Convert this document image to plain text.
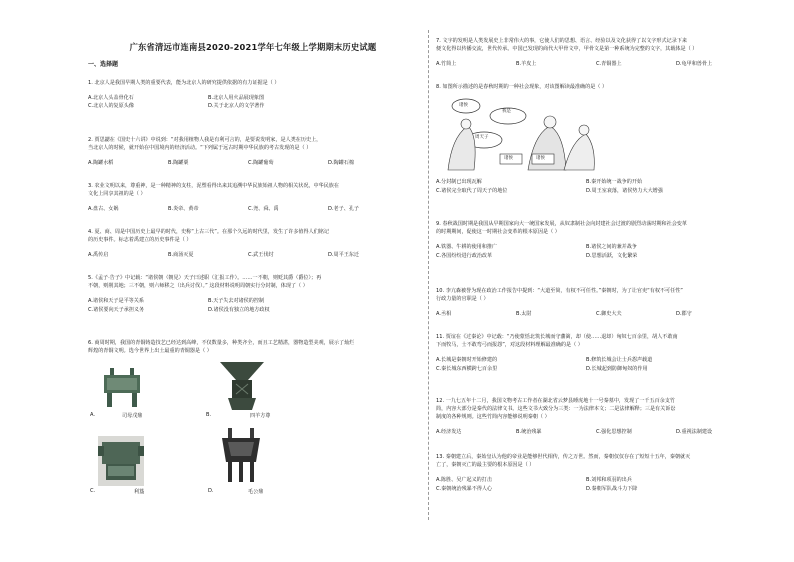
广东省清远市连南县2020-2021学年七年级上学期期末历史试题
一、选择题
1. 北京人是我国早期人类的重要代表，能为北京人的研究提供依据的有力证据是（ ）
A.北京人头盖骨化石	B.北京人用火品展现象图
C.北京人的复原头像	D.关于北京人的文学著作
2. 贾思勰在《国史十六讲》中说到：“对我用植物人我是有利可言的，是要说发明家，是人类在历史上，
当北京人的时候，就开始在中国境内的经济活动。“下列属于远古时期中华民族的考古发现的是（ ）
A.陶罐水稻	B.陶罐粟	C.陶罐葡萄	D.陶罐石棉
3. 农业文明以来，尊重神，是一种精神的支柱，泥塑看得出来其追溯中华民族始祖人物的相关状况，中华民族在
文化上同享其祖的是（ ）
A.盘古、女娲	B.炎帝、黄帝	C.尧、舜、禹	D.老子、孔子
4. 夏、商、周是中国历史上最早的时代，史称“上古三代”。在那个久远的时代里，发生了许多值得人们铭记
的历史事件。标志着禹建立的历史事件是（ ）
A.禹传启	B.商汤灭夏	C.武王伐纣	D.周平王东迁
5.《孟子·告子》中记载：“诸侯朝（朝见）天子曰述职（汇报工作）。……一不朝，则贬其爵（爵位）；再
不朝，则削其地；三不朝，则六师移之（出兵讨伐）。” 这段材料说明周朝实行分封制，体现了（ ）
A.诸侯和天子是平等关系	B.天子失去对诸侯的控制
C.诸侯要向天子承担义务	D.诸侯没有独立的地方政权
6. 商周时期，我国的青铜铸造技艺已经达到高峰，不仅数量多，种类齐全，而且工艺精湛，器物造型美观，展示了灿烂
辉煌的青铜文明。选今世界上出土最重的青铜器是（ ）
A.	司母戊鼎	B.	四羊方尊
C.	利簋	D.	毛公鼎
7. 文字的发明是人类发展史上非常伟大的事，它使人们的思想、语言、经验以及文化获得了以文字形式记录下来
便文化得以传播交流，世代传承。中国已发现的商代大甲骨文中，甲骨文是第一种系统为完整的文字，其载体是（ ）
A.竹简上	B.羊皮上	C.青铜器上	D.龟甲和兽骨上
8. 如图所示描述的是春秋时期的一种社会现象，对该图解读最准确的是（ ）
诸侯
我是
周天子
诸侯	诸侯
A.分封制已出现瓦解	B.秦开始统一战争的开始
C.诸侯完全取代了周天子的地位	D.周王室衰落，诸侯势力大大增强
9. 春秋战国时期是我国从早期国家向大一统国家发展，从奴隶制社会向封建社会过渡的剧烈动荡时期和社会变革
的时期期间，促使这一时期社会变革的根本原因是（ ）
A.铁器、牛耕的使用和推广	B.诸侯之间的兼并战争
C.各国纷纷进行政治改革	D.思想活跃，文化繁荣
10. 李亢森被誉为现在政治工作报告中提到：“大道至简，有权不可任性。”秦朝时，为了让官吏“有权不可任性”
行政力量的官职是（ ）
A.丞相	B.太尉	C.御史大夫	D.郡守
11. 贾谊在《过秦论》中记载：“乃使蒙恬北筑长城而守藩篱，却（使……退却）匈奴七百余里，胡人不敢南
下而牧马，士不敢弯弓而报怨”，对这段材料理解最准确的是（ ）
A.长城是秦朝时开始修建的	B.修筑长城会让士兵怨声载道
C.秦长城东西横跨七百余里	D.长城起到防御匈奴的作用
12. 一九七五年十二月，我国文物考古工作者在湖北省云梦县睡虎地十一号秦墓中，发现了一千五百余支竹
简，内容大部分是秦代的法律文书。这些文书大致分为三类：一为法律本文；二是法律解释；三是有关诉讼
制度的各种规则。这些竹简内容能够说明秦朝（ ）
A.经济发达	B.统治残暴	C.强化思想控制	D.重视法制建设
13. 秦朝建立后，秦始皇认为他的帝业是能够世代相传，传之万世。然而，秦朝仅仅存在了短短十五年，秦朝就灭
亡了，秦朝灭亡的最主要的根本原因是（ ）
A.陈胜、吴广起义的打击	B.刘邦和项羽的出兵
C.秦朝统治残暴不得人心	D.秦朝军队战斗力下降
